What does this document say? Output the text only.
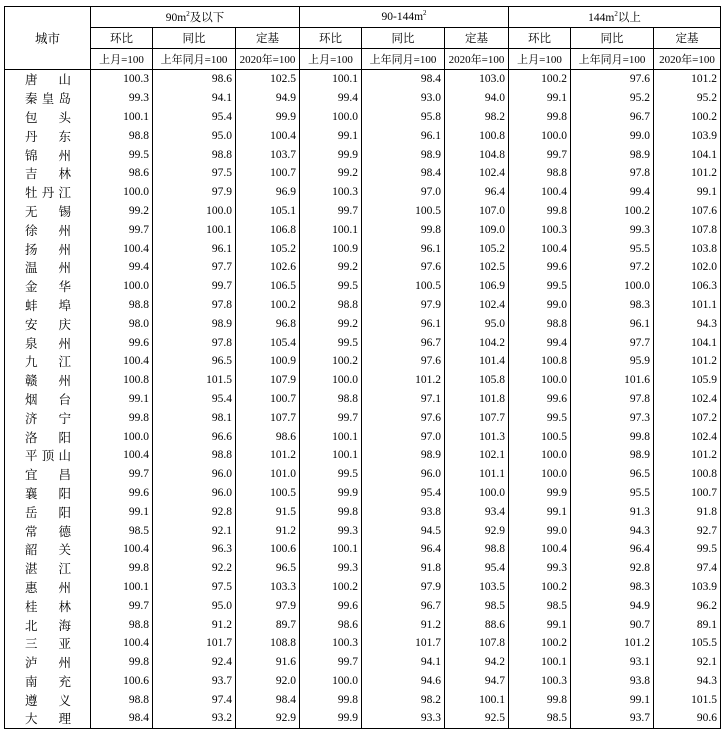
城市	$90m^2$及以下			$90-144m^2$			$144m^2$以上		
	环比	同比	定基	环比	同比	定基	环比	同比	定基
	上月=100	上年同月=100	2020年=100	上月=100	上年同月=100	2020年=100	上月=100	上年同月=100	2020年=100
唐山	100.3	98.6	102.5	100.1	98.4	103.0	100.2	97.6	101.2
秦皇岛	99.3	94.1	94.9	99.4	93.0	94.0	99.1	95.2	95.2
包头	100.1	95.4	99.9	100.0	95.8	98.2	99.8	96.7	100.2
丹东	98.8	95.0	100.4	99.1	96.1	100.8	100.0	99.0	103.9
锦州	99.5	98.8	103.7	99.9	98.9	104.8	99.7	98.9	104.1
吉林	98.6	97.5	100.7	99.2	98.4	102.4	98.8	97.8	101.2
牡丹江	100.0	97.9	96.9	100.3	97.0	96.4	100.4	99.4	99.1
无锡	99.2	100.0	105.1	99.7	100.5	107.0	99.8	100.2	107.6
徐州	99.7	100.1	106.8	100.1	99.8	109.0	100.3	99.3	107.8
扬州	100.4	96.1	105.2	100.9	96.1	105.2	100.4	95.5	103.8
温州	99.4	97.7	102.6	99.2	97.6	102.5	99.6	97.2	102.0
金华	100.0	99.7	106.5	99.5	100.5	106.9	99.5	100.0	106.3
蚌埠	98.8	97.8	100.2	98.8	97.9	102.4	99.0	98.3	101.1
安庆	98.0	98.9	96.8	99.2	96.1	95.0	98.8	96.1	94.3
泉州	99.6	97.8	105.4	99.5	96.7	104.2	99.4	97.7	104.1
九江	100.4	96.5	100.9	100.2	97.6	101.4	100.8	95.9	101.2
赣州	100.8	101.5	107.9	100.0	101.2	105.8	100.0	101.6	105.9
烟台	99.1	95.4	100.7	98.8	97.1	101.8	99.6	97.8	102.4
济宁	99.8	98.1	107.7	99.7	97.6	107.7	99.5	97.3	107.2
洛阳	100.0	96.6	98.6	100.1	97.0	101.3	100.5	99.8	102.4
平顶山	100.4	98.8	101.2	100.1	98.9	102.1	100.0	98.9	101.2
宜昌	99.7	96.0	101.0	99.5	96.0	101.1	100.0	96.5	100.8
襄阳	99.6	96.0	100.5	99.9	95.4	100.0	99.9	95.5	100.7
岳阳	99.1	92.8	91.5	99.8	93.8	93.4	99.1	91.3	91.8
常德	98.5	92.1	91.2	99.3	94.5	92.9	99.0	94.3	92.7
韶关	100.4	96.3	100.6	100.1	96.4	98.8	100.4	96.4	99.5
湛江	99.8	92.2	96.5	99.3	91.8	95.4	99.3	92.8	97.4
惠州	100.1	97.5	103.3	100.2	97.9	103.5	100.2	98.3	103.9
桂林	99.7	95.0	97.9	99.6	96.7	98.5	98.5	94.9	96.2
北海	98.8	91.2	89.7	98.6	91.2	88.6	99.1	90.7	89.1
三亚	100.4	101.7	108.8	100.3	101.7	107.8	100.2	101.2	105.5
泸州	99.8	92.4	91.6	99.7	94.1	94.2	100.1	93.1	92.1
南充	100.6	93.7	92.0	100.0	94.6	94.7	100.3	93.8	94.3
遵义	98.8	97.4	98.4	99.8	98.2	100.1	99.8	99.1	101.5
大理	98.4	93.2	92.9	99.9	93.3	92.5	98.5	93.7	90.6
